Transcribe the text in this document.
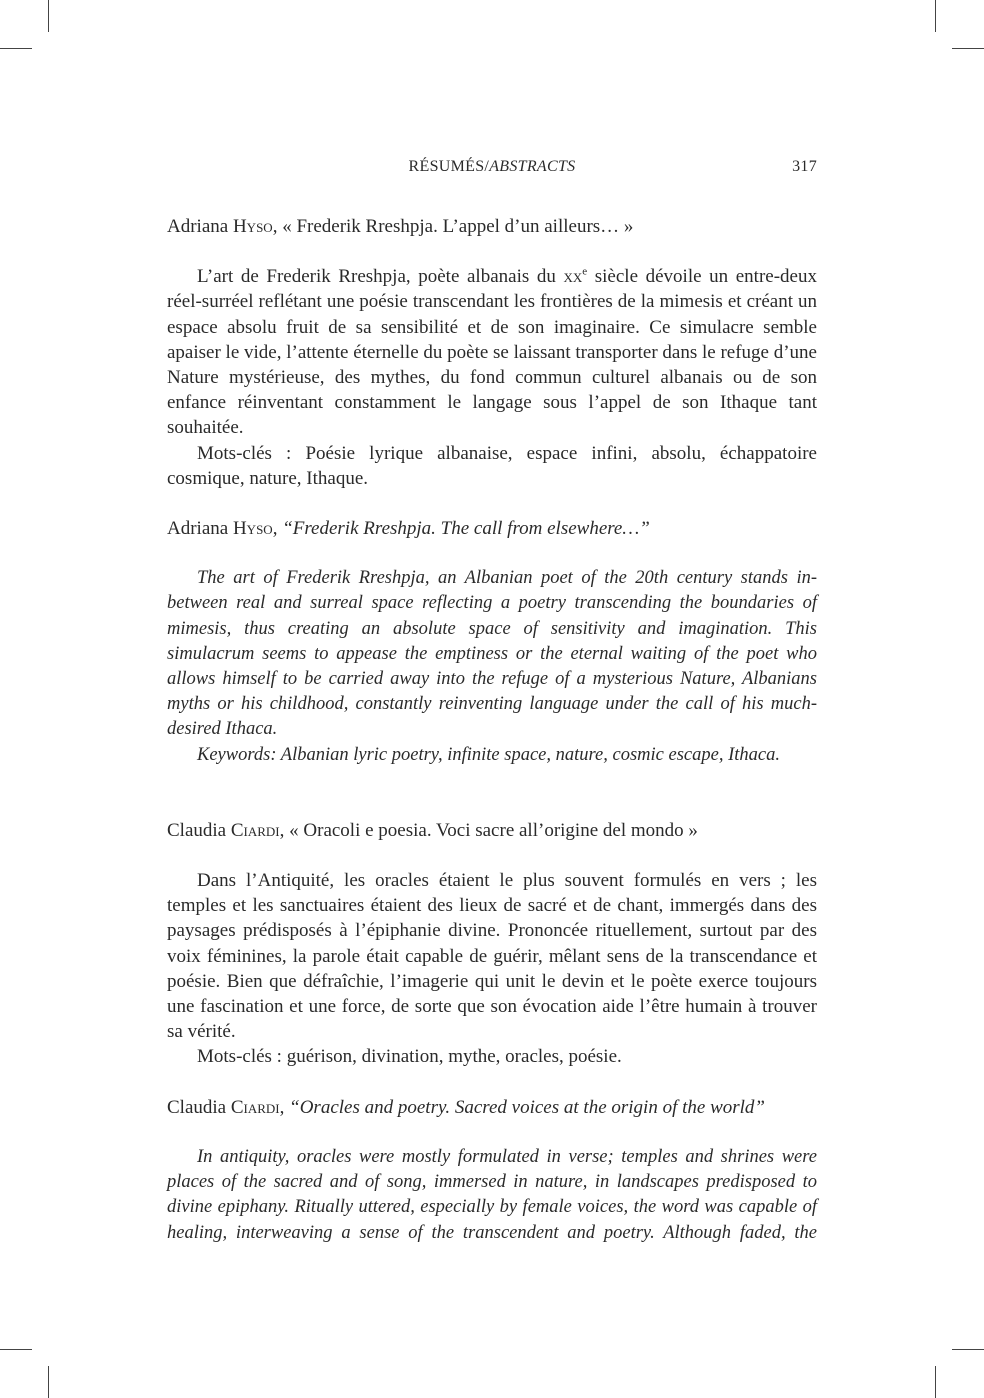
RÉSUMÉS/ABSTRACTS	317
Adriana Hyso, « Frederik Rreshpja. L’appel d’un ailleurs… »

L’art de Frederik Rreshpja, poète albanais du $xx^e$ siècle dévoile un entre-deux réel-surréel reflétant une poésie transcendant les frontières de la mimesis et créant un espace absolu fruit de sa sensibilité et de son imaginaire. Ce simulacre semble apaiser le vide, l’attente éternelle du poète se laissant transporter dans le refuge d’une Nature mystérieuse, des mythes, du fond commun culturel albanais ou de son enfance réinventant constamment le langage sous l’appel de son Ithaque tant souhaitée.

Mots-clés : Poésie lyrique albanaise, espace infini, absolu, échappatoire cosmique, nature, Ithaque.

Adriana Hyso, “Frederik Rreshpja. The call from elsewhere…”

The art of Frederik Rreshpja, an Albanian poet of the 20th century stands in-between real and surreal space reflecting a poetry transcending the boundaries of mimesis, thus creating an absolute space of sensitivity and imagination. This simulacrum seems to appease the emptiness or the eternal waiting of the poet who allows himself to be carried away into the refuge of a mysterious Nature, Albanians myths or his childhood, constantly reinventing language under the call of his much-desired Ithaca.

Keywords: Albanian lyric poetry, infinite space, nature, cosmic escape, Ithaca.

Claudia Ciardi, « Oracoli e poesia. Voci sacre all’origine del mondo »

Dans l’Antiquité, les oracles étaient le plus souvent formulés en vers ; les temples et les sanctuaires étaient des lieux de sacré et de chant, immergés dans des paysages prédisposés à l’épiphanie divine. Prononcée rituellement, surtout par des voix féminines, la parole était capable de guérir, mêlant sens de la transcendance et poésie. Bien que défraîchie, l’imagerie qui unit le devin et le poète exerce toujours une fascination et une force, de sorte que son évocation aide l’être humain à trouver sa vérité.

Mots-clés : guérison, divination, mythe, oracles, poésie.

Claudia Ciardi, “Oracles and poetry. Sacred voices at the origin of the world”

In antiquity, oracles were mostly formulated in verse; temples and shrines were places of the sacred and of song, immersed in nature, in landscapes predisposed to divine epiphany. Ritually uttered, especially by female voices, the word was capable of healing, interweaving a sense of the transcendent and poetry. Although faded, the
